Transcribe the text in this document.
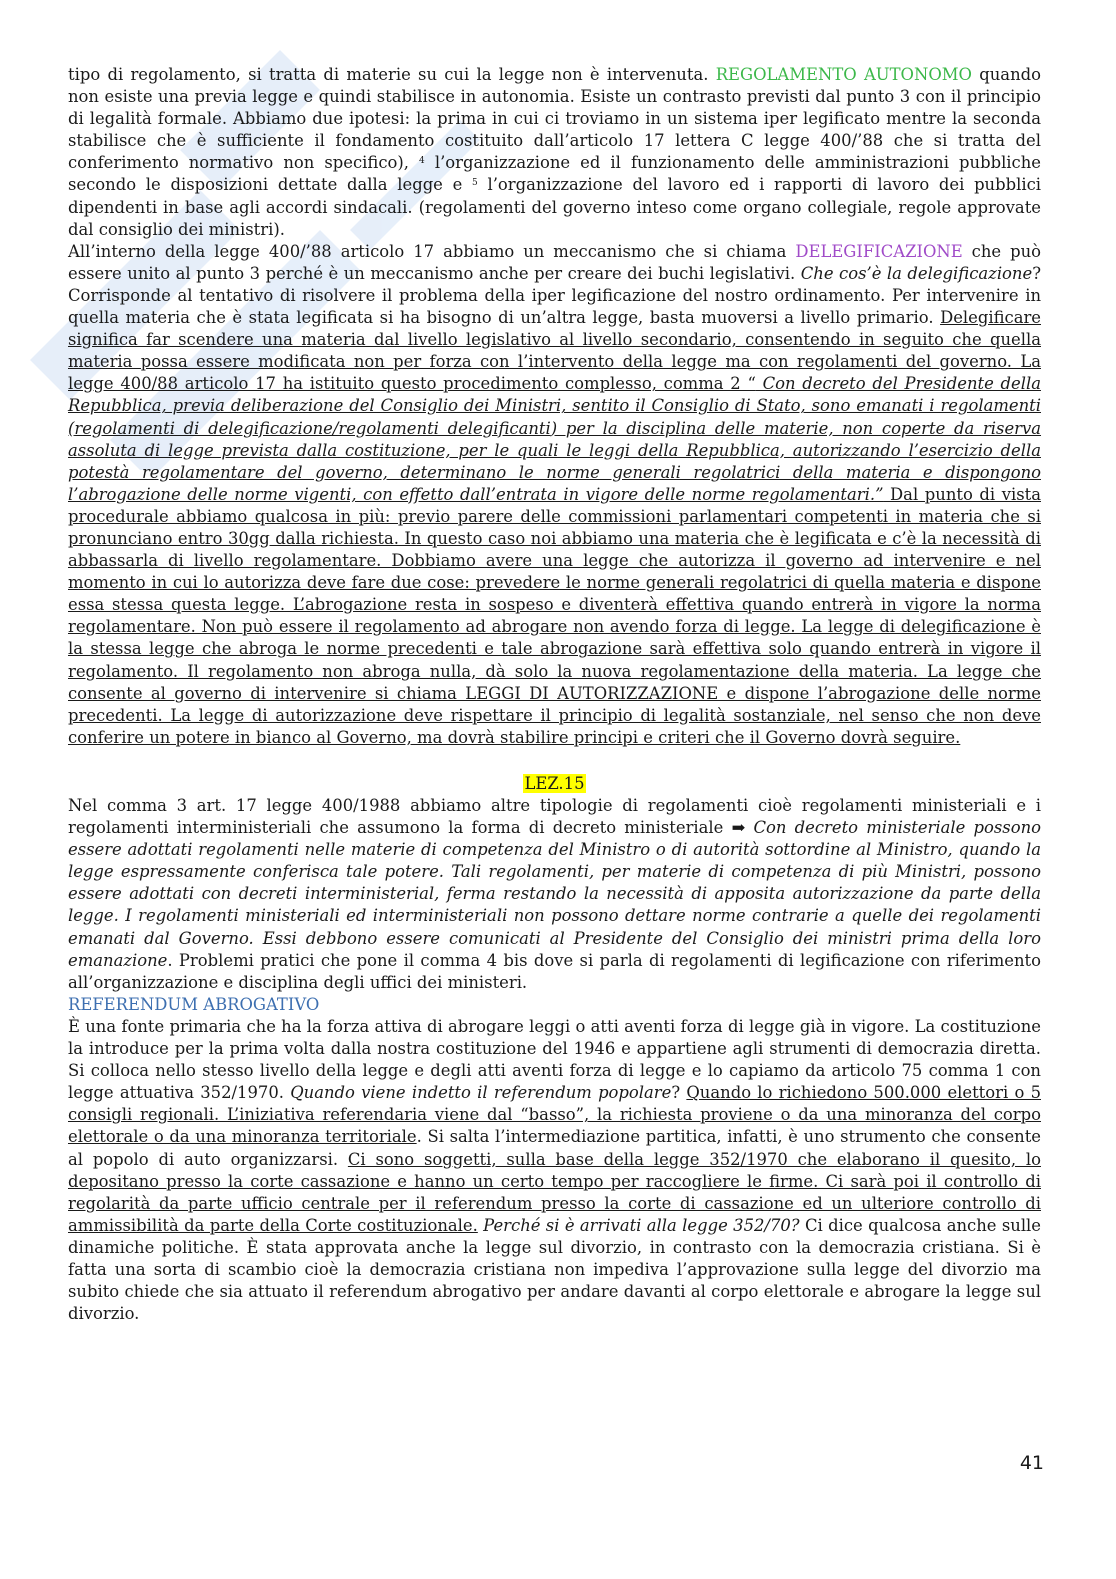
tipo di regolamento, si tratta di materie su cui la legge non è intervenuta. REGOLAMENTO AUTONOMO quando non esiste una previa legge e quindi stabilisce in autonomia. Esiste un contrasto previsti dal punto 3 con il principio di legalità formale. Abbiamo due ipotesi: la prima in cui ci troviamo in un sistema iper legificato mentre la seconda stabilisce che è sufficiente il fondamento costituito dall’articolo 17 lettera C legge 400/’88 che si tratta del conferimento normativo non specifico), $^4$ l’organizzazione ed il funzionamento delle amministrazioni pubbliche secondo le disposizioni dettate dalla legge e $^5$ l’organizzazione del lavoro ed i rapporti di lavoro dei pubblici dipendenti in base agli accordi sindacali. (regolamenti del governo inteso come organo collegiale, regole approvate dal consiglio dei ministri).

All’interno della legge 400/’88 articolo 17 abbiamo un meccanismo che si chiama DELEGIFICAZIONE che può essere unito al punto 3 perché è un meccanismo anche per creare dei buchi legislativi. Che cos’è la delegificazione? Corrisponde al tentativo di risolvere il problema della iper legificazione del nostro ordinamento. Per intervenire in quella materia che è stata legificata si ha bisogno di un’altra legge, basta muoversi a livello primario. Delegificare significa far scendere una materia dal livello legislativo al livello secondario, consentendo in seguito che quella materia possa essere modificata non per forza con l’intervento della legge ma con regolamenti del governo. La legge 400/88 articolo 17 ha istituito questo procedimento complesso, comma 2 “ Con decreto del Presidente della Repubblica, previa deliberazione del Consiglio dei Ministri, sentito il Consiglio di Stato, sono emanati i regolamenti (regolamenti di delegificazione/regolamenti delegificanti) per la disciplina delle materie, non coperte da riserva assoluta di legge prevista dalla costituzione, per le quali le leggi della Repubblica, autorizzando l’esercizio della potestà regolamentare del governo, determinano le norme generali regolatrici della materia e dispongono l’abrogazione delle norme vigenti, con effetto dall’entrata in vigore delle norme regolamentari.” Dal punto di vista procedurale abbiamo qualcosa in più: previo parere delle commissioni parlamentari competenti in materia che si pronunciano entro 30gg dalla richiesta. In questo caso noi abbiamo una materia che è legificata e c’è la necessità di abbassarla di livello regolamentare. Dobbiamo avere una legge che autorizza il governo ad intervenire e nel momento in cui lo autorizza deve fare due cose: prevedere le norme generali regolatrici di quella materia e dispone essa stessa questa legge. L’abrogazione resta in sospeso e diventerà effettiva quando entrerà in vigore la norma regolamentare. Non può essere il regolamento ad abrogare non avendo forza di legge. La legge di delegificazione è la stessa legge che abroga le norme precedenti e tale abrogazione sarà effettiva solo quando entrerà in vigore il regolamento. Il regolamento non abroga nulla, dà solo la nuova regolamentazione della materia. La legge che consente al governo di intervenire si chiama LEGGI DI AUTORIZZAZIONE e dispone l’abrogazione delle norme precedenti. La legge di autorizzazione deve rispettare il principio di legalità sostanziale, nel senso che non deve conferire un potere in bianco al Governo, ma dovrà stabilire principi e criteri che il Governo dovrà seguire.

LEZ.15

Nel comma 3 art. 17 legge 400/1988 abbiamo altre tipologie di regolamenti cioè regolamenti ministeriali e i regolamenti interministeriali che assumono la forma di decreto ministeriale ➡ Con decreto ministeriale possono essere adottati regolamenti nelle materie di competenza del Ministro o di autorità sottordine al Ministro, quando la legge espressamente conferisca tale potere. Tali regolamenti, per materie di competenza di più Ministri, possono essere adottati con decreti interministerial, ferma restando la necessità di apposita autorizzazione da parte della legge. I regolamenti ministeriali ed interministeriali non possono dettare norme contrarie a quelle dei regolamenti emanati dal Governo. Essi debbono essere comunicati al Presidente del Consiglio dei ministri prima della loro emanazione. Problemi pratici che pone il comma 4 bis dove si parla di regolamenti di legificazione con riferimento all’organizzazione e disciplina degli uffici dei ministeri.

REFERENDUM ABROGATIVO

È una fonte primaria che ha la forza attiva di abrogare leggi o atti aventi forza di legge già in vigore. La costituzione la introduce per la prima volta dalla nostra costituzione del 1946 e appartiene agli strumenti di democrazia diretta. Si colloca nello stesso livello della legge e degli atti aventi forza di legge e lo capiamo da articolo 75 comma 1 con legge attuativa 352/1970. Quando viene indetto il referendum popolare? Quando lo richiedono 500.000 elettori o 5 consigli regionali. L’iniziativa referendaria viene dal “basso”, la richiesta proviene o da una minoranza del corpo elettorale o da una minoranza territoriale. Si salta l’intermediazione partitica, infatti, è uno strumento che consente al popolo di auto organizzarsi. Ci sono soggetti, sulla base della legge 352/1970 che elaborano il quesito, lo depositano presso la corte cassazione e hanno un certo tempo per raccogliere le firme. Ci sarà poi il controllo di regolarità da parte ufficio centrale per il referendum presso la corte di cassazione ed un ulteriore controllo di ammissibilità da parte della Corte costituzionale. Perché si è arrivati alla legge 352/70? Ci dice qualcosa anche sulle dinamiche politiche. È stata approvata anche la legge sul divorzio, in contrasto con la democrazia cristiana. Si è fatta una sorta di scambio cioè la democrazia cristiana non impediva l’approvazione sulla legge del divorzio ma subito chiede che sia attuato il referendum abrogativo per andare davanti al corpo elettorale e abrogare la legge sul divorzio.

41
